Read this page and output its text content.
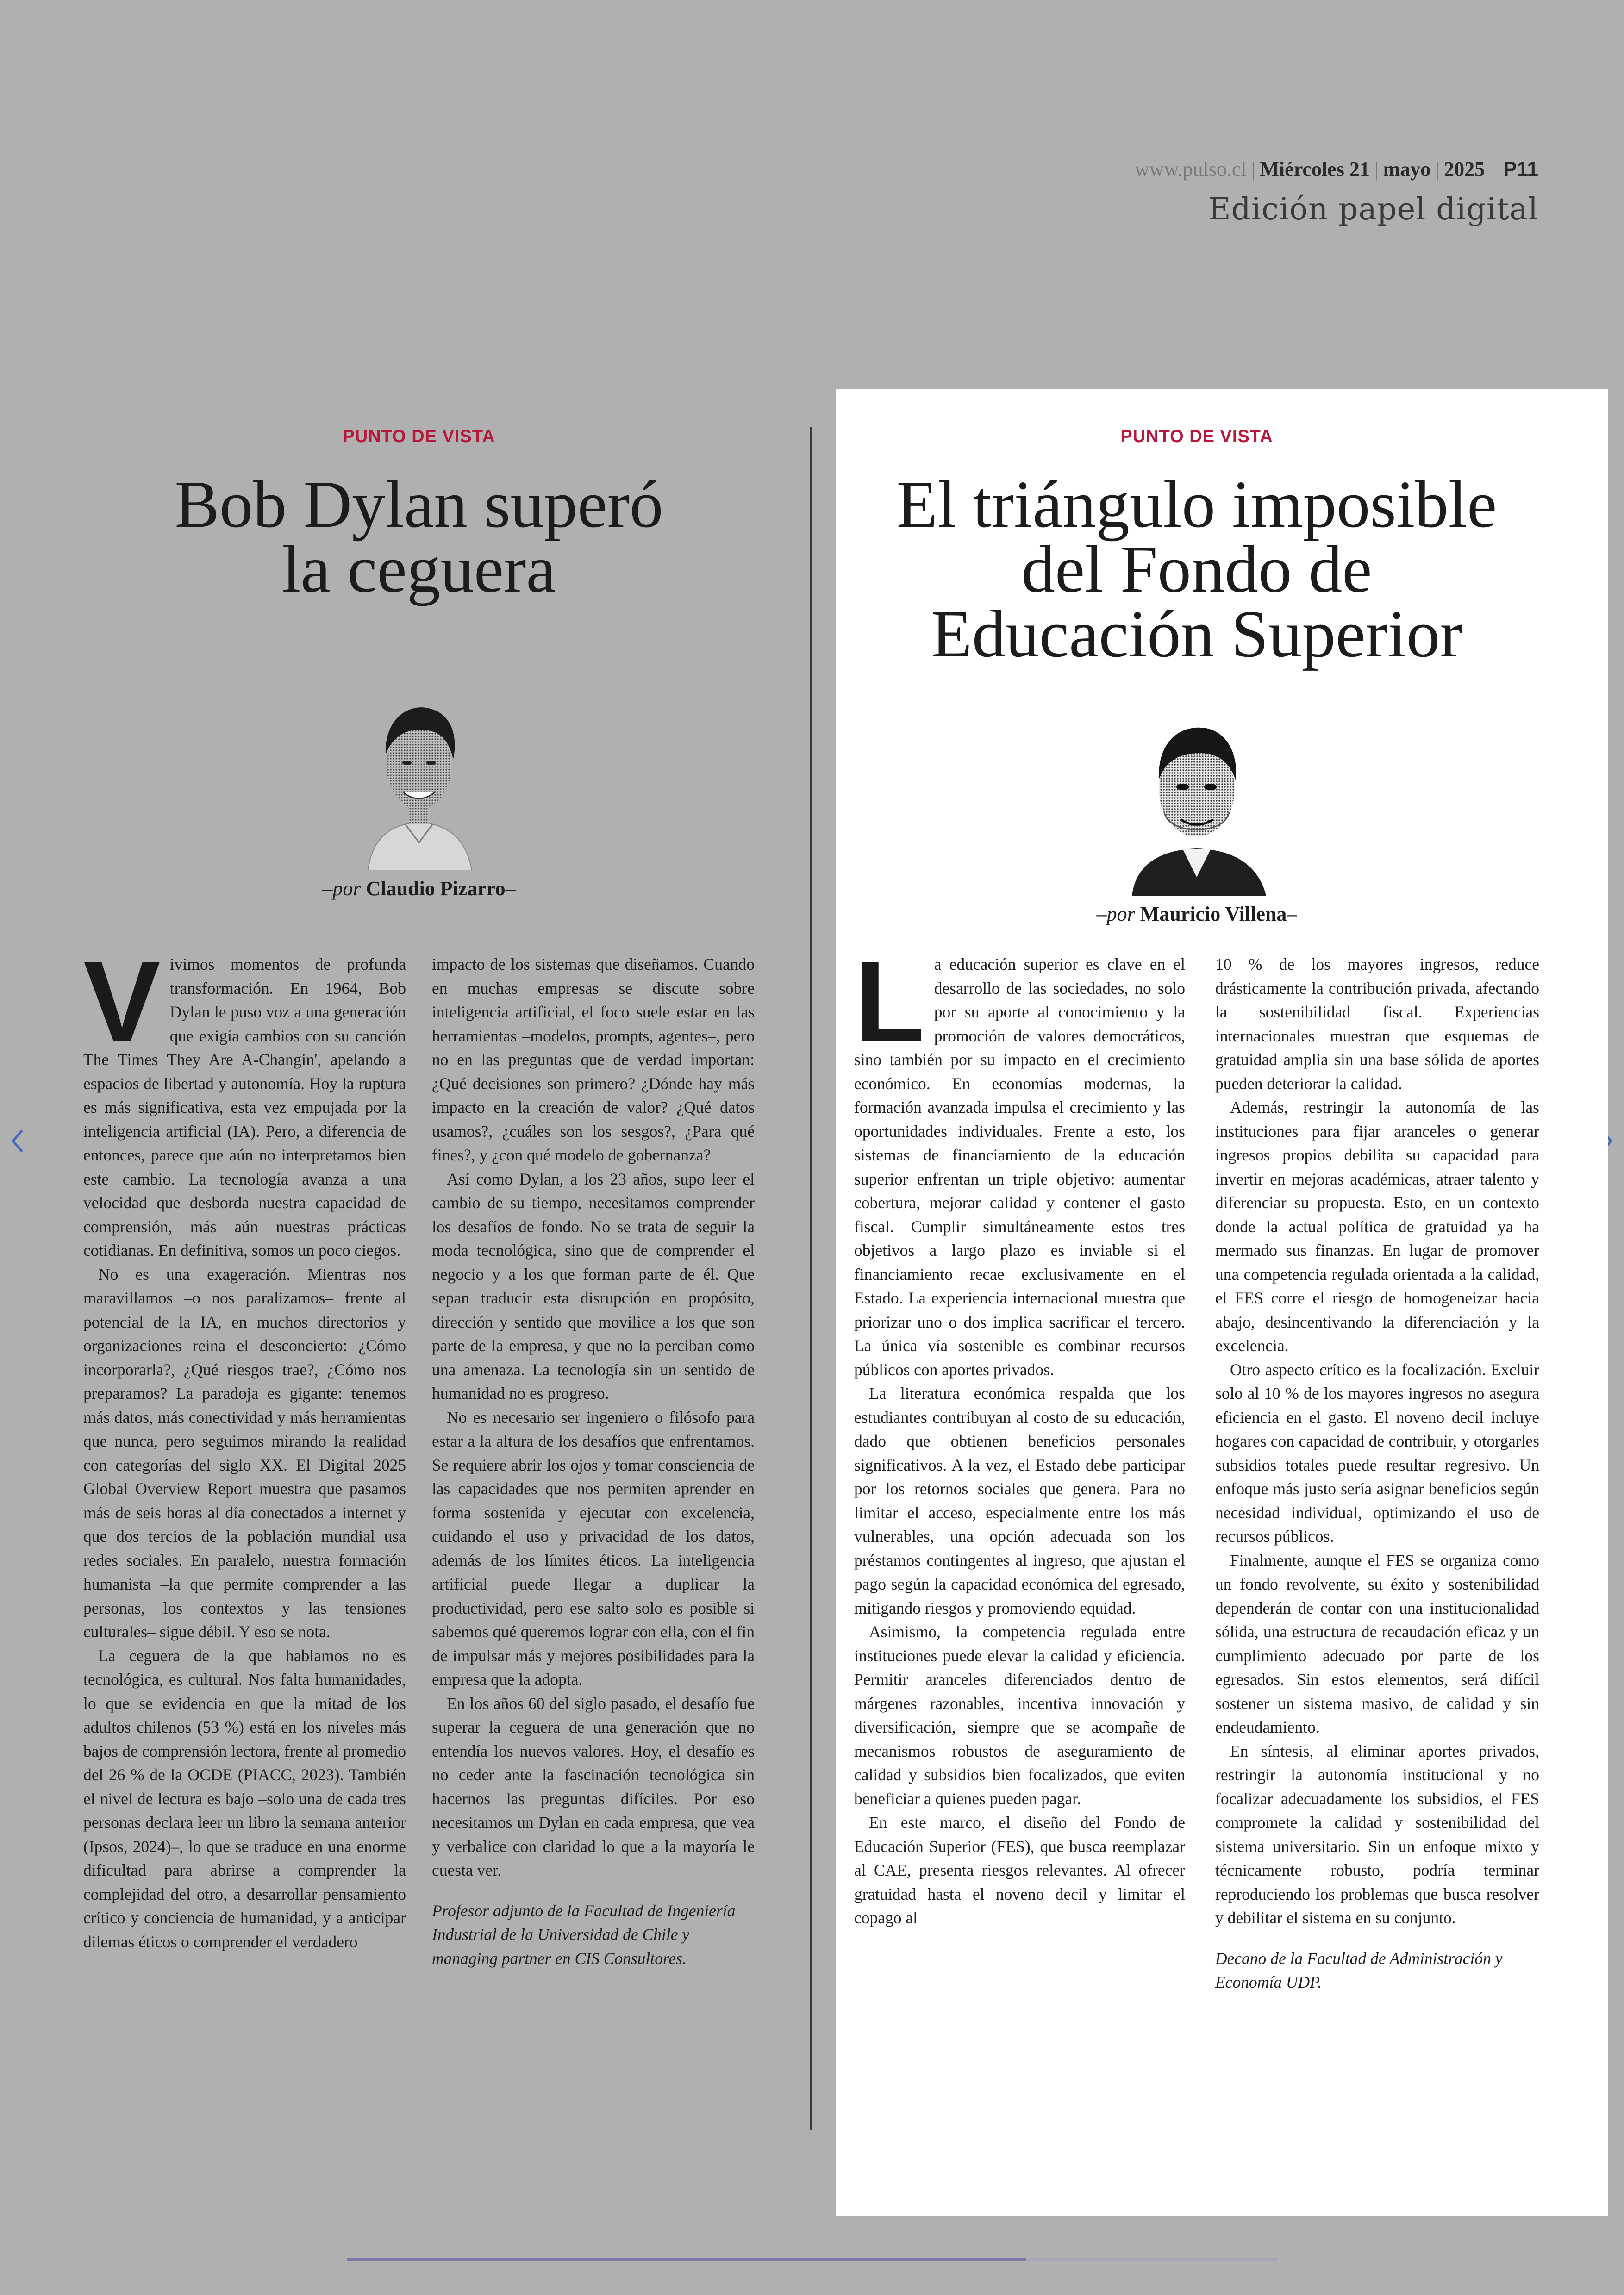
www.pulso.cl | Miércoles 21 | mayo | 2025 P11
Edición papel digital
PUNTO DE VISTA
Bob Dylan superó
la ceguera
–por Claudio Pizarro–
V ivimos momentos de profunda transformación. En 1964, Bob Dylan le puso voz a una generación que exigía cambios con su canción The Times They Are A-Changin', apelando a espacios de libertad y autonomía. Hoy la ruptura es más significativa, esta vez empujada por la inteligencia artificial (IA). Pero, a diferencia de entonces, parece que aún no interpretamos bien este cambio. La tecnología avanza a una velocidad que desborda nuestra capacidad de comprensión, más aún nuestras prácticas cotidianas. En definitiva, somos un poco ciegos.

No es una exageración. Mientras nos maravillamos –o nos paralizamos– frente al potencial de la IA, en muchos directorios y organizaciones reina el desconcierto: ¿Cómo incorporarla?, ¿Qué riesgos trae?, ¿Cómo nos preparamos? La paradoja es gigante: tenemos más datos, más conectividad y más herramientas que nunca, pero seguimos mirando la realidad con categorías del siglo XX. El Digital 2025 Global Overview Report muestra que pasamos más de seis horas al día conectados a internet y que dos tercios de la población mundial usa redes sociales. En paralelo, nuestra formación humanista –la que permite comprender a las personas, los contextos y las tensiones culturales– sigue débil. Y eso se nota.

La ceguera de la que hablamos no es tecnológica, es cultural. Nos falta humanidades, lo que se evidencia en que la mitad de los adultos chilenos (53 %) está en los niveles más bajos de comprensión lectora, frente al promedio del 26 % de la OCDE (PIACC, 2023). También el nivel de lectura es bajo –solo una de cada tres personas declara leer un libro la semana anterior (Ipsos, 2024)–, lo que se traduce en una enorme dificultad para abrirse a comprender la complejidad del otro, a desarrollar pensamiento crítico y conciencia de humanidad, y a anticipar dilemas éticos o comprender el verdadero

impacto de los sistemas que diseñamos. Cuando en muchas empresas se discute sobre inteligencia artificial, el foco suele estar en las herramientas –modelos, prompts, agentes–, pero no en las preguntas que de verdad importan: ¿Qué decisiones son primero? ¿Dónde hay más impacto en la creación de valor? ¿Qué datos usamos?, ¿cuáles son los sesgos?, ¿Para qué fines?, y ¿con qué modelo de gobernanza?

Así como Dylan, a los 23 años, supo leer el cambio de su tiempo, necesitamos comprender los desafíos de fondo. No se trata de seguir la moda tecnológica, sino que de comprender el negocio y a los que forman parte de él. Que sepan traducir esta disrupción en propósito, dirección y sentido que movilice a los que son parte de la empresa, y que no la perciban como una amenaza. La tecnología sin un sentido de humanidad no es progreso.

No es necesario ser ingeniero o filósofo para estar a la altura de los desafíos que enfrentamos. Se requiere abrir los ojos y tomar consciencia de las capacidades que nos permiten aprender en forma sostenida y ejecutar con excelencia, cuidando el uso y privacidad de los datos, además de los límites éticos. La inteligencia artificial puede llegar a duplicar la productividad, pero ese salto solo es posible si sabemos qué queremos lograr con ella, con el fin de impulsar más y mejores posibilidades para la empresa que la adopta.

En los años 60 del siglo pasado, el desafío fue superar la ceguera de una generación que no entendía los nuevos valores. Hoy, el desafío es no ceder ante la fascinación tecnológica sin hacernos las preguntas difíciles. Por eso necesitamos un Dylan en cada empresa, que vea y verbalice con claridad lo que a la mayoría le cuesta ver.

Profesor adjunto de la Facultad de Ingeniería Industrial de la Universidad de Chile y managing partner en CIS Consultores.

PUNTO DE VISTA
El triángulo imposible
del Fondo de
Educación Superior
–por Mauricio Villena–
L a educación superior es clave en el desarrollo de las sociedades, no solo por su aporte al conocimiento y la promoción de valores democráticos, sino también por su impacto en el crecimiento económico. En economías modernas, la formación avanzada impulsa el crecimiento y las oportunidades individuales. Frente a esto, los sistemas de financiamiento de la educación superior enfrentan un triple objetivo: aumentar cobertura, mejorar calidad y contener el gasto fiscal. Cumplir simultáneamente estos tres objetivos a largo plazo es inviable si el financiamiento recae exclusivamente en el Estado. La experiencia internacional muestra que priorizar uno o dos implica sacrificar el tercero. La única vía sostenible es combinar recursos públicos con aportes privados.

La literatura económica respalda que los estudiantes contribuyan al costo de su educación, dado que obtienen beneficios personales significativos. A la vez, el Estado debe participar por los retornos sociales que genera. Para no limitar el acceso, especialmente entre los más vulnerables, una opción adecuada son los préstamos contingentes al ingreso, que ajustan el pago según la capacidad económica del egresado, mitigando riesgos y promoviendo equidad.

Asimismo, la competencia regulada entre instituciones puede elevar la calidad y eficiencia. Permitir aranceles diferenciados dentro de márgenes razonables, incentiva innovación y diversificación, siempre que se acompañe de mecanismos robustos de aseguramiento de calidad y subsidios bien focalizados, que eviten beneficiar a quienes pueden pagar.

En este marco, el diseño del Fondo de Educación Superior (FES), que busca reemplazar al CAE, presenta riesgos relevantes. Al ofrecer gratuidad hasta el noveno decil y limitar el copago al

10 % de los mayores ingresos, reduce drásticamente la contribución privada, afectando la sostenibilidad fiscal. Experiencias internacionales muestran que esquemas de gratuidad amplia sin una base sólida de aportes pueden deteriorar la calidad.

Además, restringir la autonomía de las instituciones para fijar aranceles o generar ingresos propios debilita su capacidad para invertir en mejoras académicas, atraer talento y diferenciar su propuesta. Esto, en un contexto donde la actual política de gratuidad ya ha mermado sus finanzas. En lugar de promover una competencia regulada orientada a la calidad, el FES corre el riesgo de homogeneizar hacia abajo, desincentivando la diferenciación y la excelencia.

Otro aspecto crítico es la focalización. Excluir solo al 10 % de los mayores ingresos no asegura eficiencia en el gasto. El noveno decil incluye hogares con capacidad de contribuir, y otorgarles subsidios totales puede resultar regresivo. Un enfoque más justo sería asignar beneficios según necesidad individual, optimizando el uso de recursos públicos.

Finalmente, aunque el FES se organiza como un fondo revolvente, su éxito y sostenibilidad dependerán de contar con una institucionalidad sólida, una estructura de recaudación eficaz y un cumplimiento adecuado por parte de los egresados. Sin estos elementos, será difícil sostener un sistema masivo, de calidad y sin endeudamiento.

En síntesis, al eliminar aportes privados, restringir la autonomía institucional y no focalizar adecuadamente los subsidios, el FES compromete la calidad y sostenibilidad del sistema universitario. Sin un enfoque mixto y técnicamente robusto, podría terminar reproduciendo los problemas que busca resolver y debilitar el sistema en su conjunto.

Decano de la Facultad de Administración y Economía UDP.
